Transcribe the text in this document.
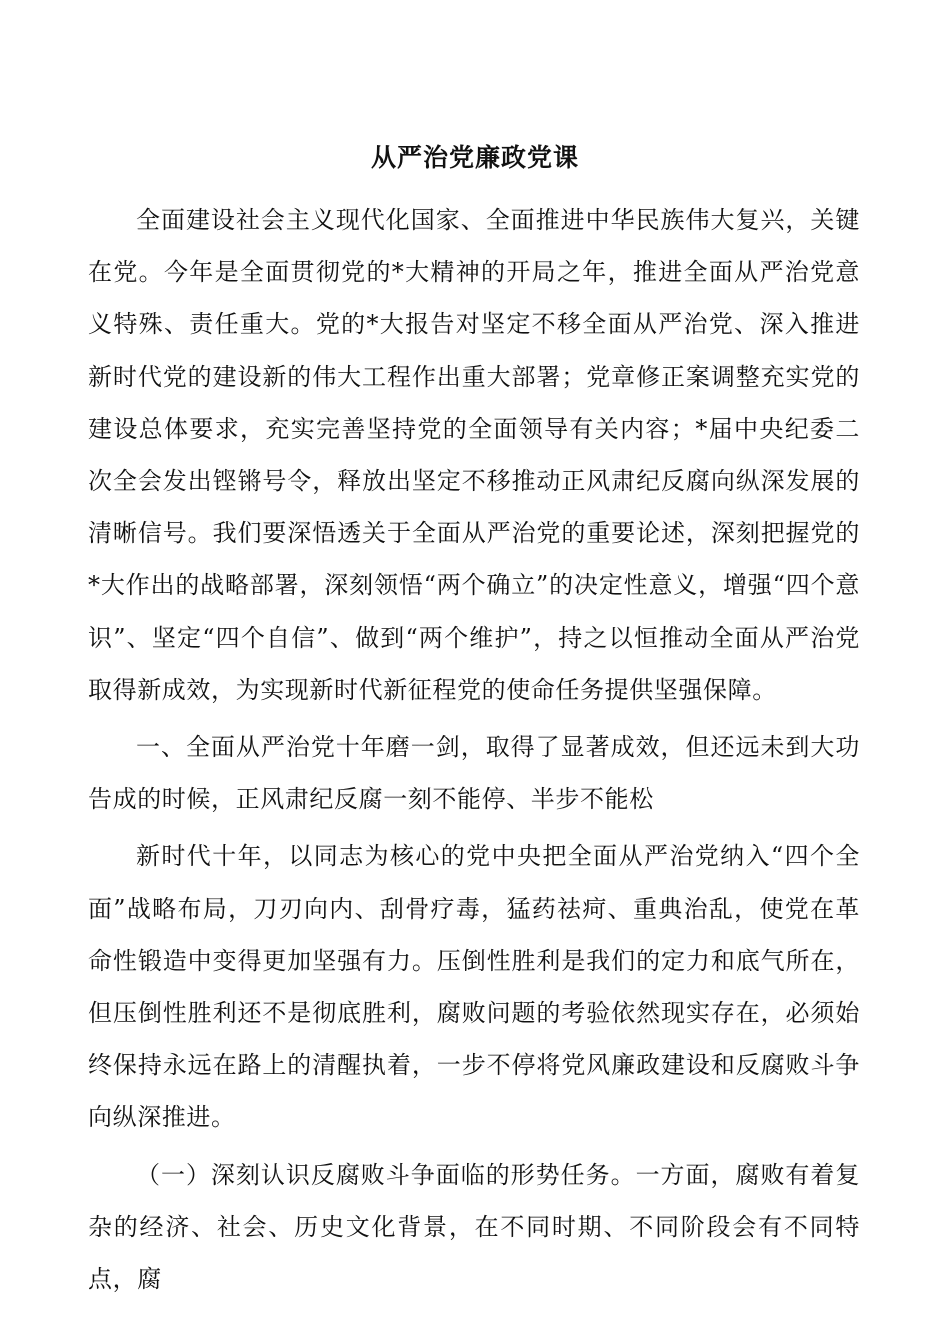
从严治党廉政党课

全面建设社会主义现代化国家、全面推进中华民族伟大复兴，关键在党。今年是全面贯彻党的*大精神的开局之年，推进全面从严治党意义特殊、责任重大。党的*大报告对坚定不移全面从严治党、深入推进新时代党的建设新的伟大工程作出重大部署；党章修正案调整充实党的建设总体要求，充实完善坚持党的全面领导有关内容；*届中央纪委二次全会发出铿锵号令，释放出坚定不移推动正风肃纪反腐向纵深发展的清晰信号。我们要深悟透关于全面从严治党的重要论述，深刻把握党的*大作出的战略部署，深刻领悟“两个确立”的决定性意义，增强“四个意识”、坚定“四个自信”、做到“两个维护”，持之以恒推动全面从严治党取得新成效，为实现新时代新征程党的使命任务提供坚强保障。

一、全面从严治党十年磨一剑，取得了显著成效，但还远未到大功告成的时候，正风肃纪反腐一刻不能停、半步不能松

新时代十年，以同志为核心的党中央把全面从严治党纳入“四个全面”战略布局，刀刃向内、刮骨疗毒，猛药祛疴、重典治乱，使党在革命性锻造中变得更加坚强有力。压倒性胜利是我们的定力和底气所在，但压倒性胜利还不是彻底胜利，腐败问题的考验依然现实存在，必须始终保持永远在路上的清醒执着，一步不停将党风廉政建设和反腐败斗争向纵深推进。

（一）深刻认识反腐败斗争面临的形势任务。一方面，腐败有着复杂的经济、社会、历史文化背景，在不同时期、不同阶段会有不同特点，腐
